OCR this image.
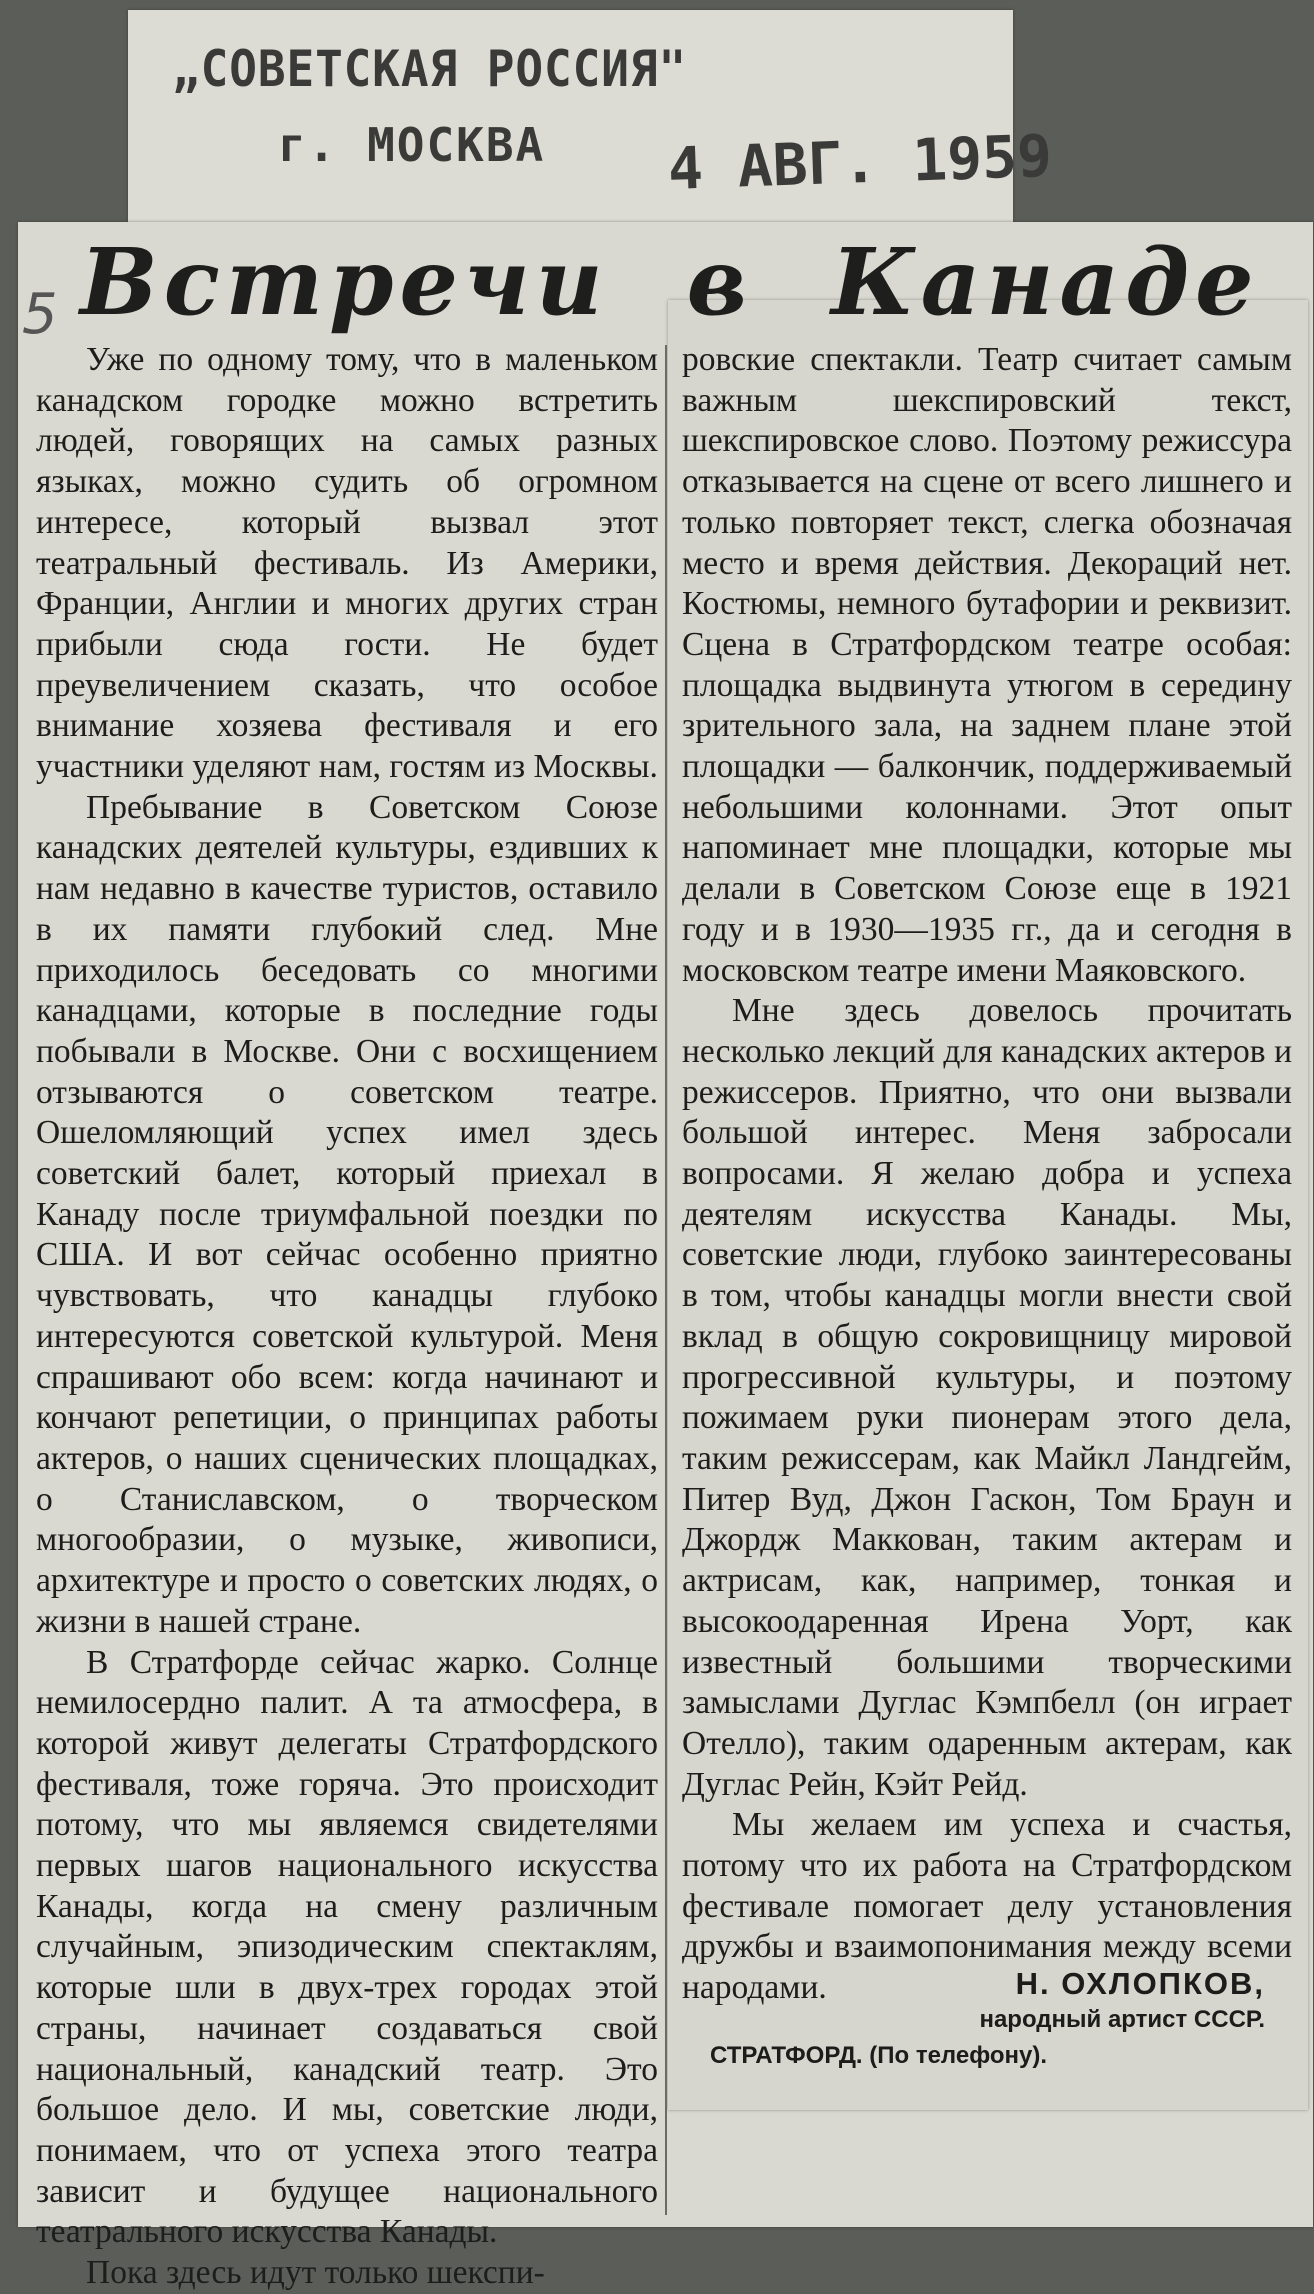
„СОВЕТСКАЯ РОССИЯ"
г. МОСКВА 4 АВГ. 1959
5 Встречи в Канаде

Уже по одному тому, что в маленьком канадском городке можно встретить людей, говорящих на самых разных языках, можно судить об огромном интересе, который вызвал этот театральный фестиваль. Из Америки, Франции, Англии и многих других стран прибыли сюда гости. Не будет преувеличением сказать, что особое внимание хозяева фестиваля и его участники уделяют нам, гостям из Москвы.

Пребывание в Советском Союзе канадских деятелей культуры, ездивших к нам недавно в качестве туристов, оставило в их памяти глубокий след. Мне приходилось беседовать со многими канадцами, которые в последние годы побывали в Москве. Они с восхищением отзываются о советском театре. Ошеломляющий успех имел здесь советский балет, который приехал в Канаду после триумфальной поездки по США. И вот сейчас особенно приятно чувствовать, что канадцы глубоко интересуются советской культурой. Меня спрашивают обо всем: когда начинают и кончают репетиции, о принципах работы актеров, о наших сценических площадках, о Станиславском, о творческом многообразии, о музыке, живописи, архитектуре и просто о советских людях, о жизни в нашей стране.

В Стратфорде сейчас жарко. Солнце немилосердно палит. А та атмосфера, в которой живут делегаты Стратфордского фестиваля, тоже горяча. Это происходит потому, что мы являемся свидетелями первых шагов национального искусства Канады, когда на смену различным случайным, эпизодическим спектаклям, которые шли в двух-трех городах этой страны, начинает создаваться свой национальный, канадский театр. Это большое дело. И мы, советские люди, понимаем, что от успеха этого театра зависит и будущее национального театрального искусства Канады.

Пока здесь идут только шекспи-

ровские спектакли. Театр считает самым важным шекспировский текст, шекспировское слово. Поэтому режиссура отказывается на сцене от всего лишнего и только повторяет текст, слегка обозначая место и время действия. Декораций нет. Костюмы, немного бутафории и реквизит. Сцена в Стратфордском театре особая: площадка выдвинута утюгом в середину зрительного зала, на заднем плане этой площадки — балкончик, поддерживаемый небольшими колоннами. Этот опыт напоминает мне площадки, которые мы делали в Советском Союзе еще в 1921 году и в 1930—1935 гг., да и сегодня в московском театре имени Маяковского.

Мне здесь довелось прочитать несколько лекций для канадских актеров и режиссеров. Приятно, что они вызвали большой интерес. Меня забросали вопросами. Я желаю добра и успеха деятелям искусства Канады. Мы, советские люди, глубоко заинтересованы в том, чтобы канадцы могли внести свой вклад в общую сокровищницу мировой прогрессивной культуры, и поэтому пожимаем руки пионерам этого дела, таким режиссерам, как Майкл Ландгейм, Питер Вуд, Джон Гаскон, Том Браун и Джордж Маккован, таким актерам и актрисам, как, например, тонкая и высокоодаренная Ирена Уорт, как известный большими творческими замыслами Дуглас Кэмпбелл (он играет Отелло), таким одаренным актерам, как Дуглас Рейн, Кэйт Рейд.

Мы желаем им успеха и счастья, потому что их работа на Стратфордском фестивале помогает делу установления дружбы и взаимопонимания между всеми народами.	Н. ОХЛОПКОВ,
народный артист СССР.
СТРАТФОРД. (По телефону).
